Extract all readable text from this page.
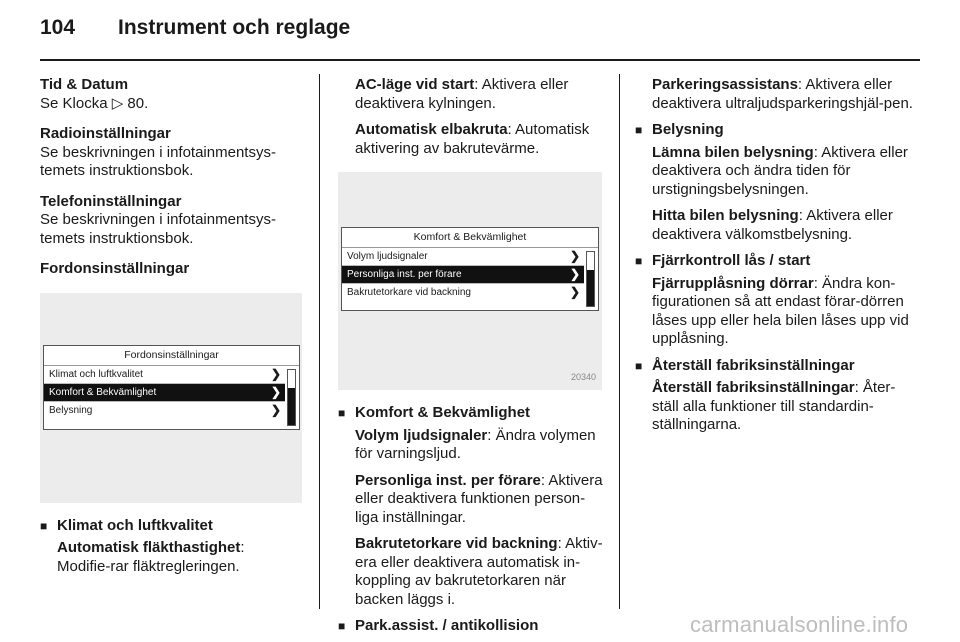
104 Instrument och reglage
Tid & Datum
Se Klocka ▷ 80.
Radioinställningar
Se beskrivningen i infotainmentsys-temets instruktionsbok.
Telefoninställningar
Se beskrivningen i infotainmentsys-temets instruktionsbok.
Fordonsinställningar
Fordonsinställningar
Klimat och luftkvalitet	❯
Komfort & Bekvämlighet	❯
Belysning	❯
■ Klimat och luftkvalitet
Automatisk fläkthastighet: Modifie-rar fläktregleringen.
AC-läge vid start: Aktivera eller deaktivera kylningen.
Automatisk elbakruta: Automatisk aktivering av bakrutevärme.
Komfort & Bekvämlighet
Volym ljudsignaler	❯
Personliga inst. per förare	❯
Bakrutetorkare vid backning	❯
20340
■ Komfort & Bekvämlighet
Volym ljudsignaler: Ändra volymen för varningsljud.
Personliga inst. per förare: Aktivera eller deaktivera funktionen person-liga inställningar.
Bakrutetorkare vid backning: Aktiv-era eller deaktivera automatisk in-koppling av bakrutetorkaren när backen läggs i.
■ Park.assist. / antikollision
Parkeringsassistans: Aktivera eller deaktivera ultraljudsparkeringshjäl-pen.
■ Belysning
Lämna bilen belysning: Aktivera eller deaktivera och ändra tiden för urstigningsbelysningen.
Hitta bilen belysning: Aktivera eller deaktivera välkomstbelysning.
■ Fjärrkontroll lås / start
Fjärrupplåsning dörrar: Ändra kon-figurationen så att endast förar-dörren låses upp eller hela bilen låses upp vid upplåsning.
■ Återställ fabriksinställningar
Återställ fabriksinställningar: Åter-ställ alla funktioner till standardin-ställningarna.
carmanualsonline.info
